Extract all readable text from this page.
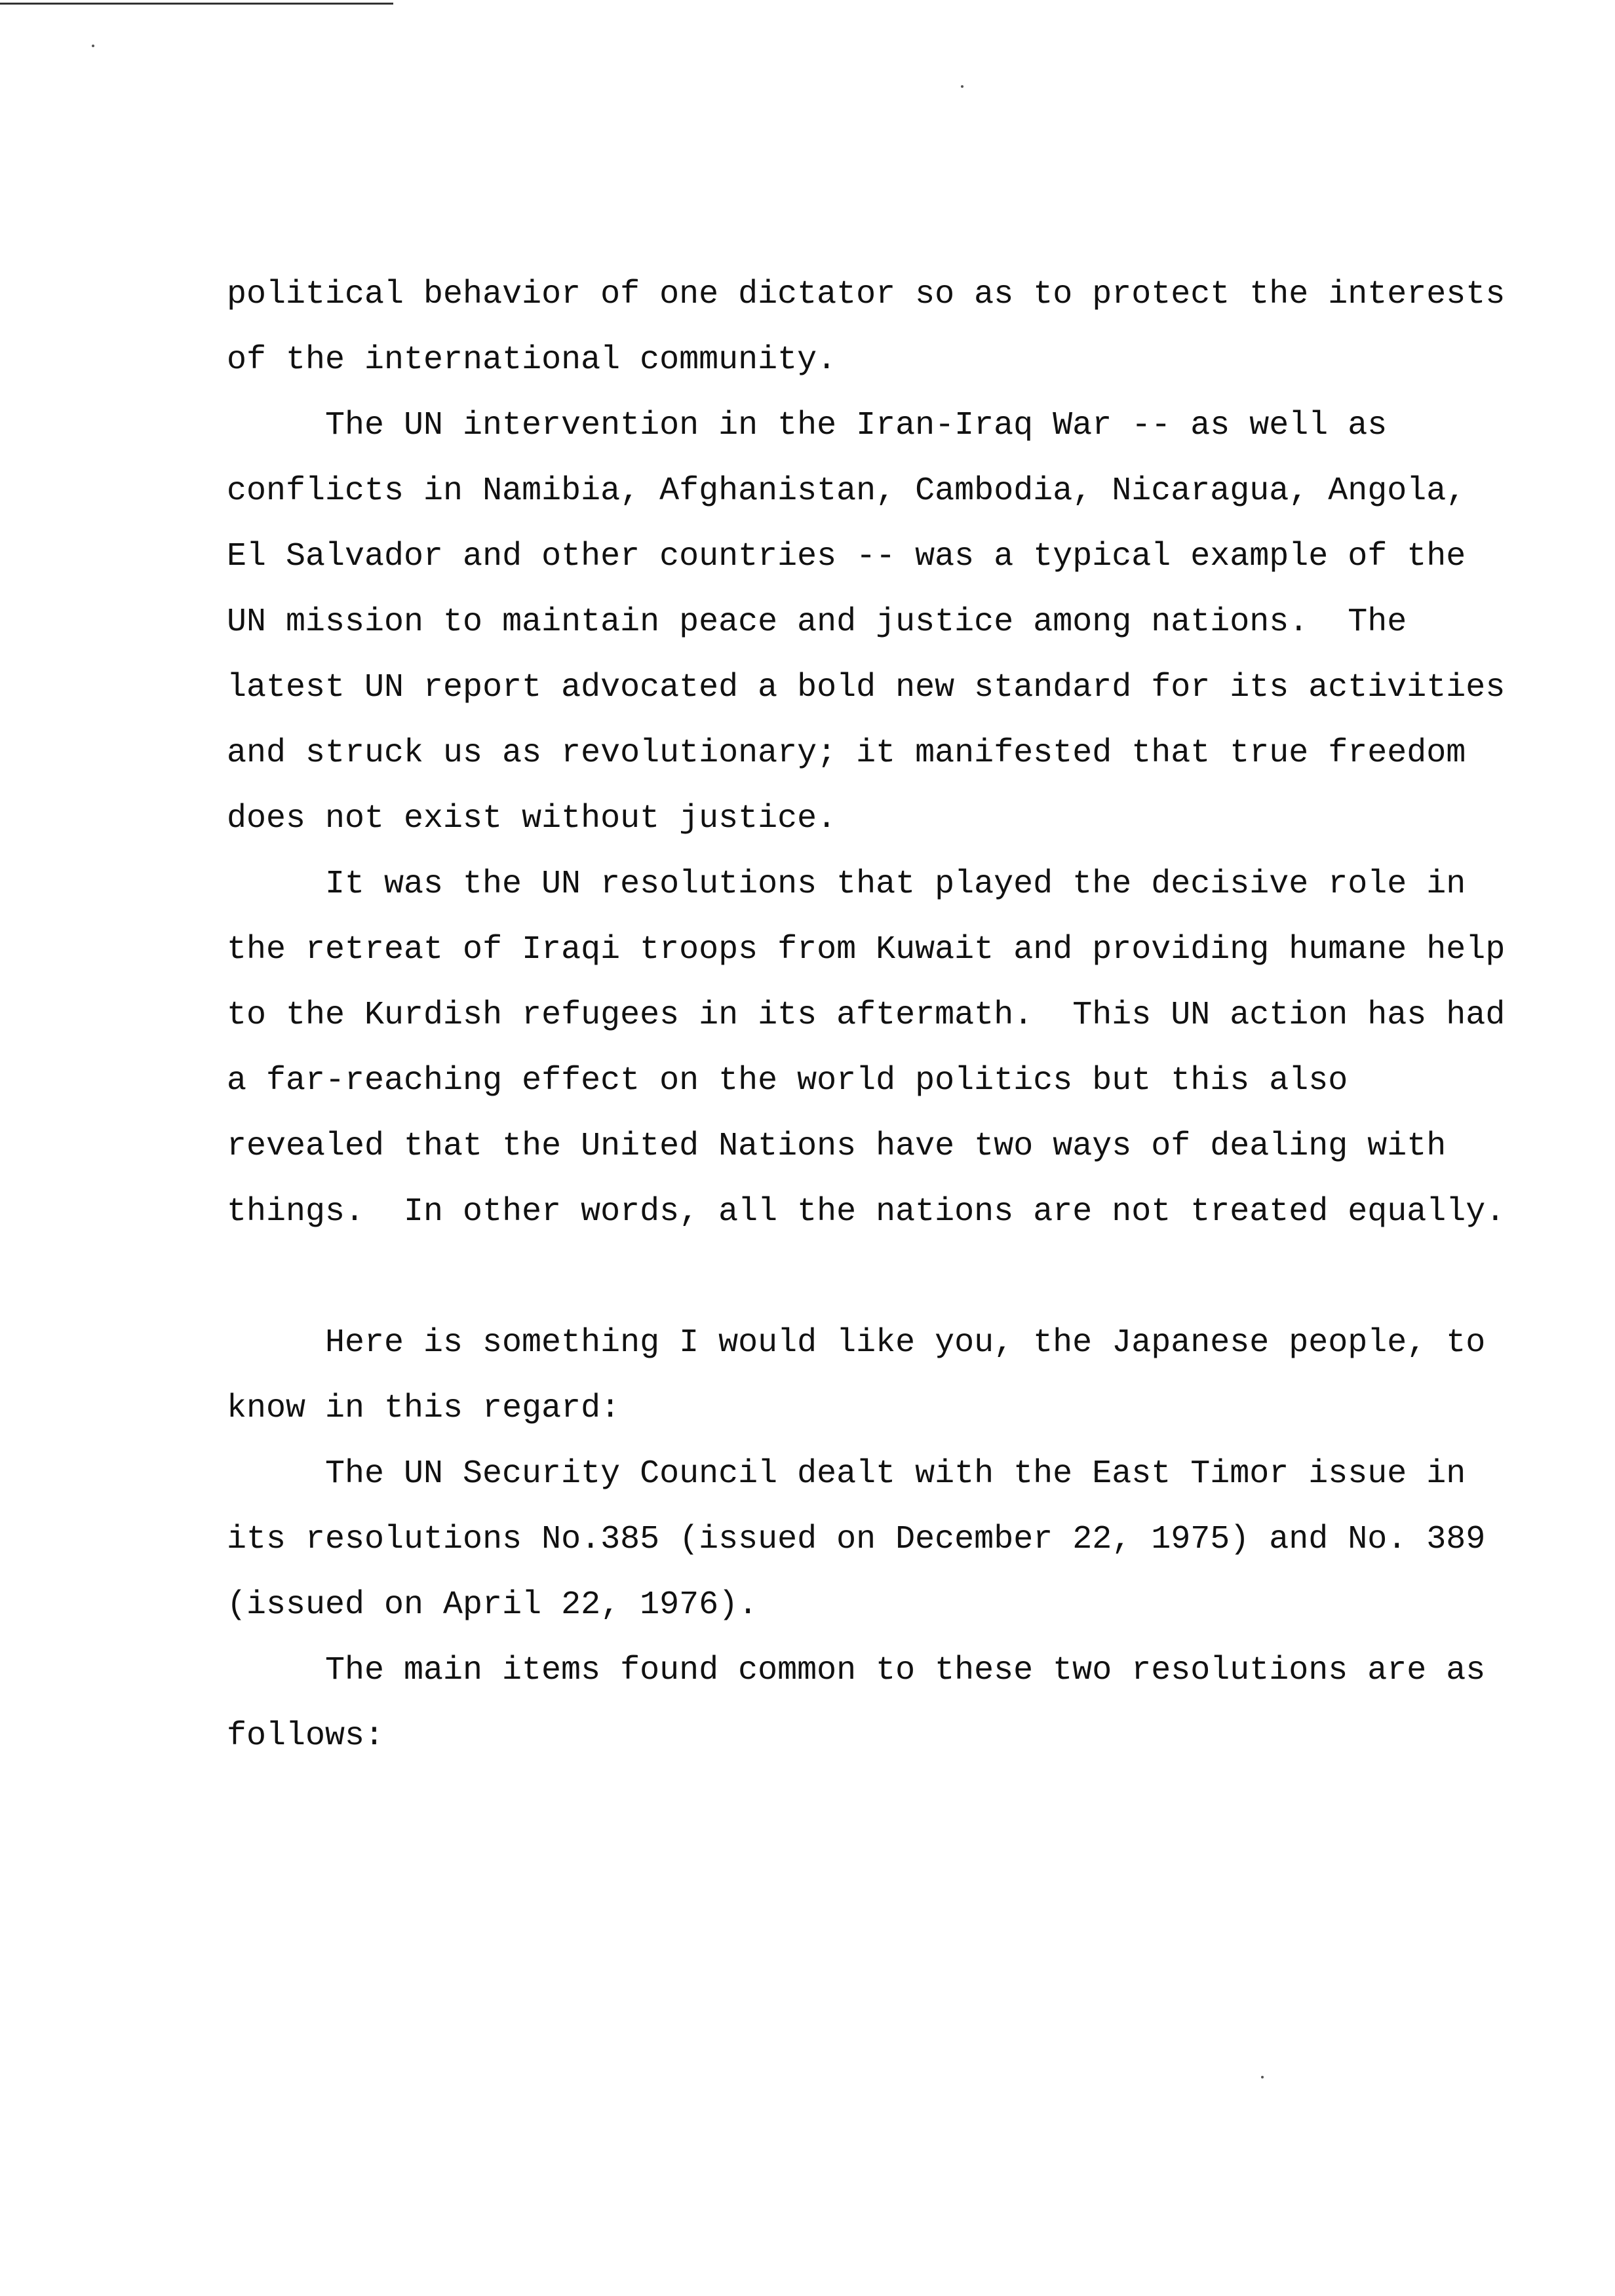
political behavior of one dictator so as to protect the interests of the international community.

The UN intervention in the Iran-Iraq War -- as well as conflicts in Namibia, Afghanistan, Cambodia, Nicaragua, Angola, El Salvador and other countries -- was a typical example of the UN mission to maintain peace and justice among nations.  The latest UN report advocated a bold new standard for its activities and struck us as revolutionary; it manifested that true freedom does not exist without justice.

It was the UN resolutions that played the decisive role in the retreat of Iraqi troops from Kuwait and providing humane help to the Kurdish refugees in its aftermath.  This UN action has had a far-reaching effect on the world politics but this also revealed that the United Nations have two ways of dealing with things.  In other words, all the nations are not treated equally.

Here is something I would like you, the Japanese people, to know in this regard:

The UN Security Council dealt with the East Timor issue in its resolutions No.385 (issued on December 22, 1975) and No. 389 (issued on April 22, 1976).

The main items found common to these two resolutions are as follows:
